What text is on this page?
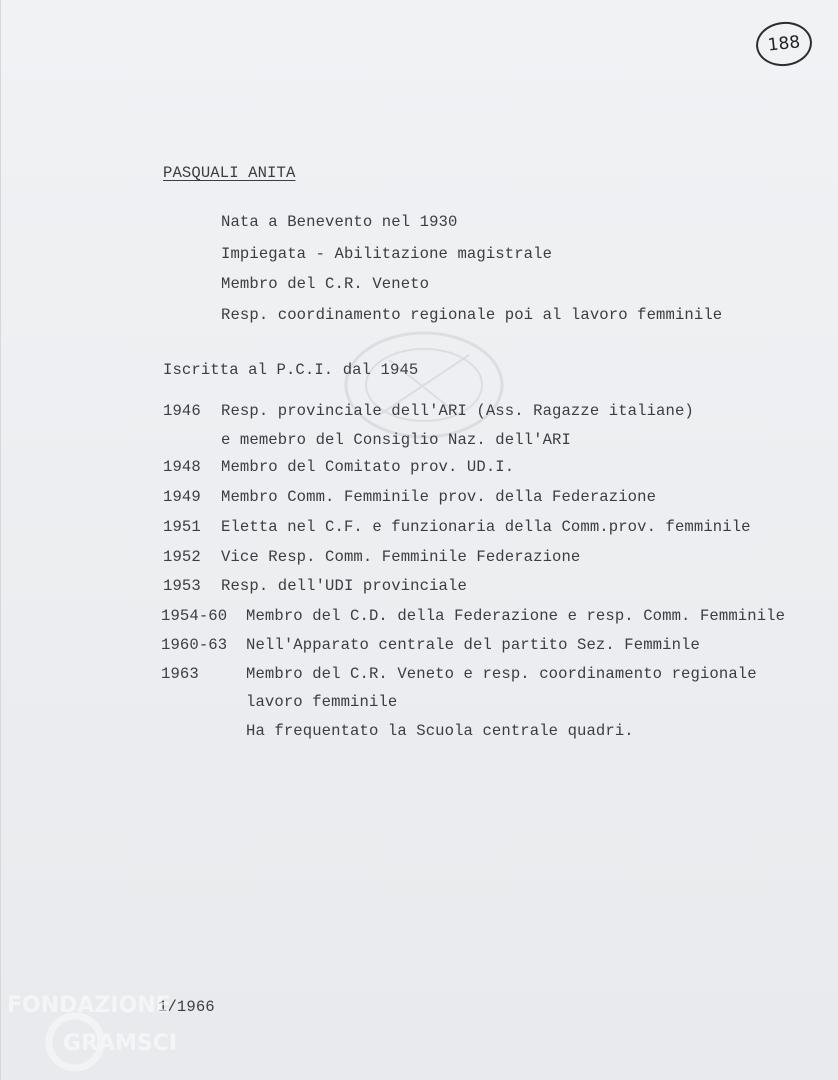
188
PASQUALI ANITA
Nata a Benevento nel 1930
Impiegata - Abilitazione magistrale
Membro del C.R. Veneto
Resp. coordinamento regionale poi al lavoro femminile
Iscritta al P.C.I. dal 1945
1946 Resp. provinciale dell'ARI (Ass. Ragazze italiane)
e memebro del Consiglio Naz. dell'ARI
1948 Membro del Comitato prov. UD.I.
1949 Membro Comm. Femminile prov. della Federazione
1951 Eletta nel C.F. e funzionaria della Comm.prov. femminile
1952 Vice Resp. Comm. Femminile Federazione
1953 Resp. dell'UDI provinciale
1954-60 Membro del C.D. della Federazione e resp. Comm. Femminile
1960-63 Nell'Apparato centrale del partito Sez. Femminle
1963	Membro del C.R. Veneto e resp. coordinamento regionale
lavoro femminile
Ha frequentato la Scuola centrale quadri.
1/1966
FONDAZIONE
GRAMSCI
